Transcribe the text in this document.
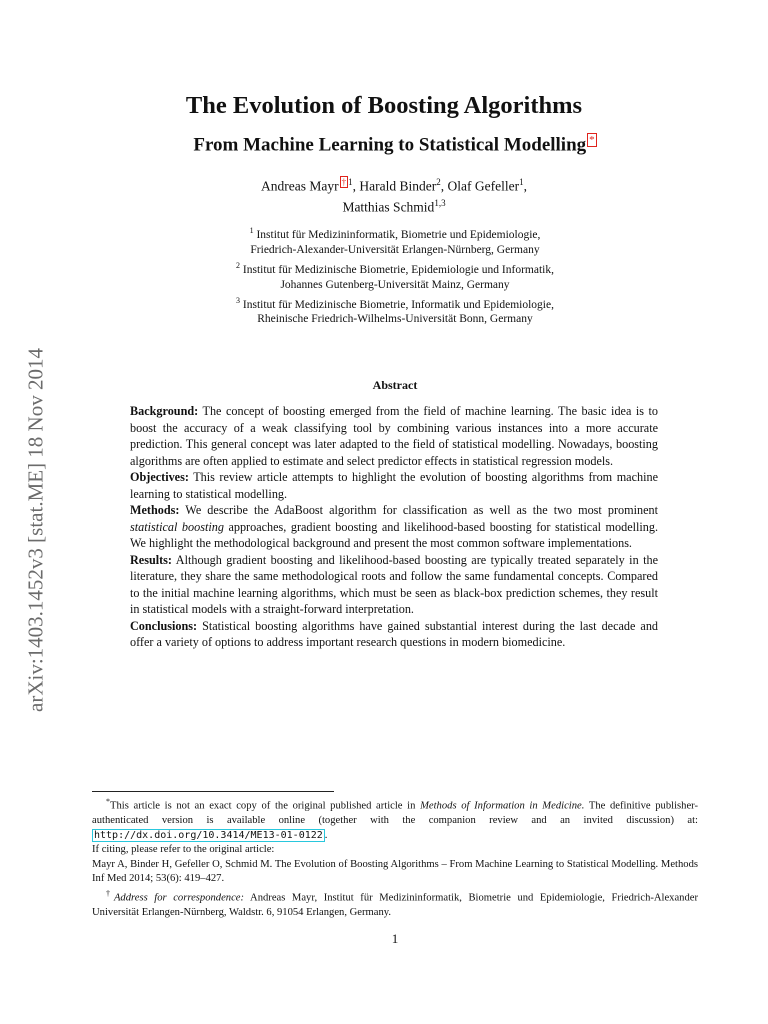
arXiv:1403.1452v3 [stat.ME] 18 Nov 2014
The Evolution of Boosting Algorithms
From Machine Learning to Statistical Modelling *
Andreas Mayr † $^1$, Harald Binder$^2$, Olaf Gefeller$^1$,
Matthias Schmid$^{1,3}$
$^1$ Institut für Medizininformatik, Biometrie und Epidemiologie,
Friedrich-Alexander-Universität Erlangen-Nürnberg, Germany
$^2$ Institut für Medizinische Biometrie, Epidemiologie und Informatik,
Johannes Gutenberg-Universität Mainz, Germany
$^3$ Institut für Medizinische Biometrie, Informatik und Epidemiologie,
Rheinische Friedrich-Wilhelms-Universität Bonn, Germany
Abstract

Background: The concept of boosting emerged from the field of machine learning. The basic idea is to boost the accuracy of a weak classifying tool by combining various instances into a more accurate prediction. This general concept was later adapted to the field of statistical modelling. Nowadays, boosting algorithms are often applied to estimate and select predictor effects in statistical regression models.

Objectives: This review article attempts to highlight the evolution of boosting algorithms from machine learning to statistical modelling.

Methods: We describe the AdaBoost algorithm for classification as well as the two most prominent statistical boosting approaches, gradient boosting and likelihood-based boosting for statistical modelling. We highlight the methodological background and present the most common software implementations.

Results: Although gradient boosting and likelihood-based boosting are typically treated separately in the literature, they share the same methodological roots and follow the same fundamental concepts. Compared to the initial machine learning algorithms, which must be seen as black-box prediction schemes, they result in statistical models with a straight-forward interpretation.

Conclusions: Statistical boosting algorithms have gained substantial interest during the last decade and offer a variety of options to address important research questions in modern biomedicine.

*This article is not an exact copy of the original published article in Methods of Information in Medicine. The definitive publisher-authenticated version is available online (together with the companion review and an invited discussion) at: http://dx.doi.org/10.3414/ME13-01-0122 .

If citing, please refer to the original article:

Mayr A, Binder H, Gefeller O, Schmid M. The Evolution of Boosting Algorithms – From Machine Learning to Statistical Modelling. Methods Inf Med 2014; 53(6): 419–427.

†Address for correspondence: Andreas Mayr, Institut für Medizininformatik, Biometrie und Epidemiologie, Friedrich-Alexander Universität Erlangen-Nürnberg, Waldstr. 6, 91054 Erlangen, Germany.

1
